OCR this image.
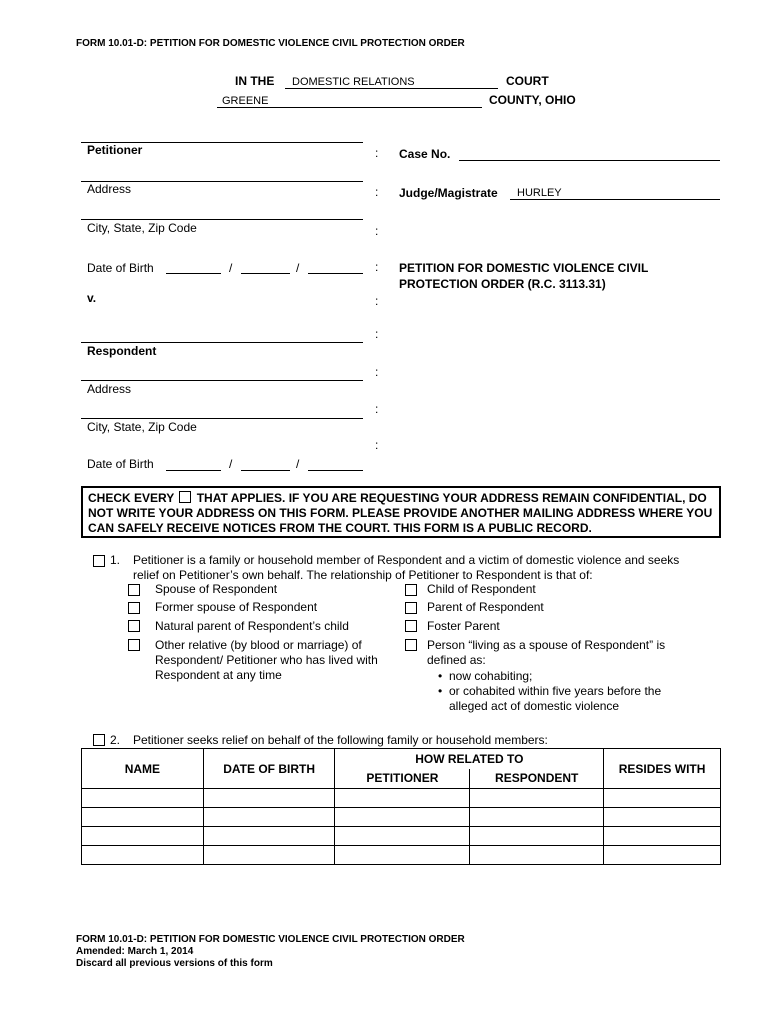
FORM 10.01-D: PETITION FOR DOMESTIC VIOLENCE CIVIL PROTECTION ORDER
IN THE DOMESTIC RELATIONS	COURT
GREENE	COUNTY, OHIO
Petitioner
Address
City, State, Zip Code
Date of Birth	/	/
v.
Respondent
Address
City, State, Zip Code
Date of Birth	/	/
:
:
:
:
:
:
:
:
:
Case No.
Judge/Magistrate HURLEY
PETITION FOR DOMESTIC VIOLENCE CIVIL
PROTECTION ORDER (R.C. 3113.31)
CHECK EVERY THAT APPLIES. IF YOU ARE REQUESTING YOUR ADDRESS REMAIN CONFIDENTIAL, DO NOT WRITE YOUR ADDRESS ON THIS FORM. PLEASE PROVIDE ANOTHER MAILING ADDRESS WHERE YOU CAN SAFELY RECEIVE NOTICES FROM THE COURT. THIS FORM IS A PUBLIC RECORD.
1. Petitioner is a family or household member of Respondent and a victim of domestic violence and seeks
relief on Petitioner’s own behalf. The relationship of Petitioner to Respondent is that of:
Spouse of Respondent
Former spouse of Respondent
Natural parent of Respondent’s child
Other relative (by blood or marriage) of
Respondent/ Petitioner who has lived with
Respondent at any time
Child of Respondent
Parent of Respondent
Foster Parent
Person “living as a spouse of Respondent” is
defined as:
• now cohabiting;
• or cohabited within five years before the
alleged act of domestic violence
2. Petitioner seeks relief on behalf of the following family or household members:
NAME	DATE OF BIRTH	HOW RELATED TO		RESIDES WITH
		PETITIONER	RESPONDENT	

FORM 10.01-D: PETITION FOR DOMESTIC VIOLENCE CIVIL PROTECTION ORDER
Amended: March 1, 2014
Discard all previous versions of this form
